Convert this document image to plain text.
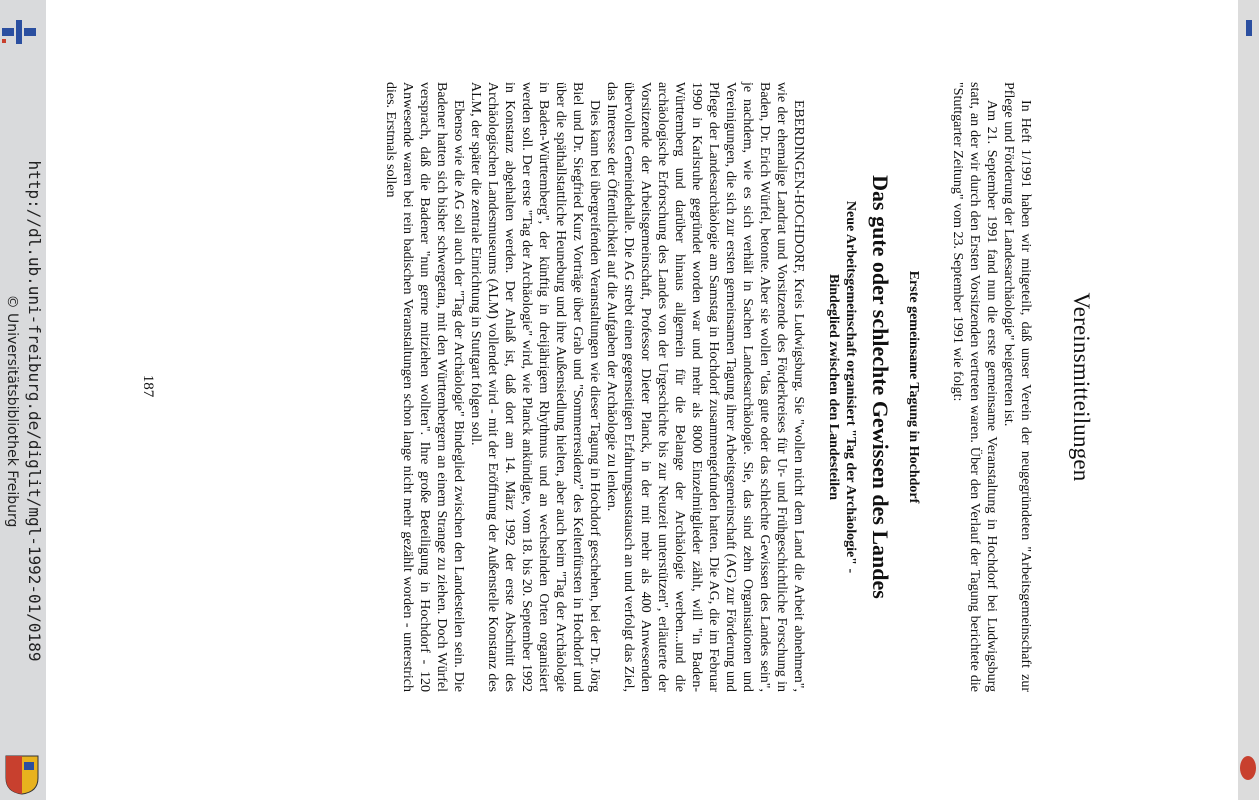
http://dl.ub.uni-freiburg.de/diglit/mgl-1992-01/0189
© Universitätsbibliothek Freiburg	Vereinsmitteilungen

In Heft 1/1991 haben wir mitgeteilt, daß unser Verein der neugegründeten "Arbeitsgemeinschaft zur Pflege und Förderung der Landesarchäologie" beigetreten ist.

Am 21. September 1991 fand nun die erste gemeinsame Veranstaltung in Hochdorf bei Ludwigsburg statt, an der wir durch den Ersten Vorsitzenden vertreten waren. Über den Verlauf der Tagung berichtete die "Stuttgarter Zeitung" vom 23. September 1991 wie folgt:

Erste gemeinsame Tagung in Hochdorf
Das gute oder schlechte Gewissen des Landes
Neue Arbeitsgemeinschaft organisiert "Tag der Archäologie" -
Bindeglied zwischen den Landesteilen

EBERDINGEN-HOCHDORF, Kreis Ludwigsburg. Sie "wollen nicht dem Land die Arbeit abnehmen", wie der ehemalige Landrat und Vorsitzende des Förderkreises für Ur- und Frühgeschichtliche Forschung in Baden, Dr. Erich Würfel, betonte. Aber sie wollen "das gute oder das schlechte Gewissen des Landes sein", je nachdem, wie es sich verhält in Sachen Landesarchäologie. Sie, das sind zehn Organisationen und Vereinigungen, die sich zur ersten gemeinsamen Tagung ihrer Arbeitsgemeinschaft (AG) zur Förderung und Pflege der Landesarchäologie am Samstag in Hochdorf zusammengefunden hatten. Die AG, die im Februar 1990 in Karlsruhe gegründet worden war und mehr als 8000 Einzelmitglieder zählt, will "in Baden-Württemberg und darüber hinaus allgemein für die Belange der Archäologie werben...und die archäologische Erforschung des Landes von der Urgeschichte bis zur Neuzeit unterstützen", erläuterte der Vorsitzende der Arbeitsgemeinschaft, Professor Dieter Planck, in der mit mehr als 400 Anwesenden übervollen Gemeindehalle. Die AG strebt einen gegenseitigen Erfahrungsaustausch an und verfolgt das Ziel, das Interesse der Öffentlichkeit auf die Aufgaben der Archäologie zu lenken.

Dies kann bei übergreifenden Veranstaltungen wie dieser Tagung in Hochdorf geschehen, bei der Dr. Jörg Biel und Dr. Siegfried Kurz Vorträge über Grab und "Sommerresidenz" des Keltenfürsten in Hochdorf und über die späthallstattliche Heuneburg und ihre Außensiedlung hielten, aber auch beim "Tag der Archäologie in Baden-Württemberg", der künftig in dreijährigem Rhythmus und an wechselnden Orten organisiert werden soll. Der erste "Tag der Archäologie" wird, wie Planck ankündigte, vom 18. bis 20. September 1992 in Konstanz abgehalten werden. Der Anlaß ist, daß dort am 14. März 1992 der erste Abschnitt des Archäologischen Landesmuseums (ALM) vollendet wird - mit der Eröffnung der Außenstelle Konstanz des ALM, der später die zentrale Einrichtung in Stuttgart folgen soll.

Ebenso wie die AG soll auch der "Tag der Archäologie" Bindeglied zwischen den Landesteilen sein. Die Badener hatten sich bisher schwergetan, mit den Württembergern an einem Strange zu ziehen. Doch Würfel versprach, daß die Badener "nun gerne mitziehen wollten". Ihre große Beteiligung in Hochdorf - 120 Anwesende waren bei rein badischen Veranstaltungen schon lange nicht mehr gezählt worden - unterstrich dies. Erstmals sollen

187
